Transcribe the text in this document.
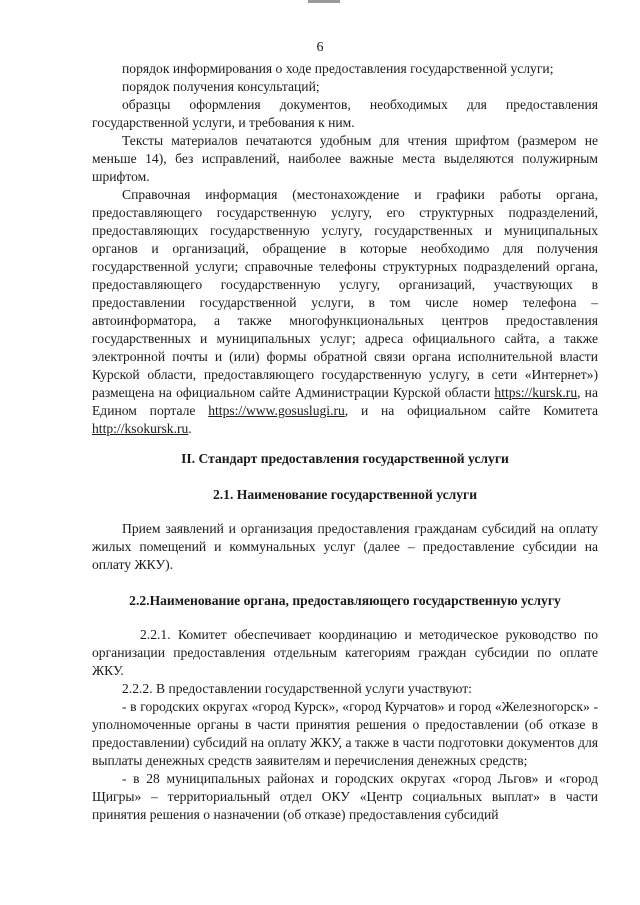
6

порядок информирования о ходе предоставления государственной услуги;

порядок получения консультаций;

образцы оформления документов, необходимых для предоставления государственной услуги, и требования к ним.

Тексты материалов печатаются удобным для чтения шрифтом (размером не меньше 14), без исправлений, наиболее важные места выделяются полужирным шрифтом.

Справочная информация (местонахождение и графики работы органа, предоставляющего государственную услугу, его структурных подразделений, предоставляющих государственную услугу, государственных и муниципальных органов и организаций, обращение в которые необходимо для получения государственной услуги; справочные телефоны структурных подразделений органа, предоставляющего государственную услугу, организаций, участвующих в предоставлении государственной услуги, в том числе номер телефона – автоинформатора, а также многофункциональных центров предоставления государственных и муниципальных услуг; адреса официального сайта, а также электронной почты и (или) формы обратной связи органа исполнительной власти Курской области, предоставляющего государственную услугу, в сети «Интернет») размещена на официальном сайте Администрации Курской области https://kursk.ru, на Едином портале https://www.gosuslugi.ru, и на официальном сайте Комитета http://ksokursk.ru.

II. Стандарт предоставления государственной услуги

2.1. Наименование государственной услуги

Прием заявлений и организация предоставления гражданам субсидий на оплату жилых помещений и коммунальных услуг (далее – предоставление субсидии на оплату ЖКУ).

2.2.Наименование органа, предоставляющего государственную услугу

2.2.1. Комитет обеспечивает координацию и методическое руководство по организации предоставления отдельным категориям граждан субсидии по оплате ЖКУ.

2.2.2. В предоставлении государственной услуги участвуют:

- в городских округах «город Курск», «город Курчатов» и город «Железногорск» - уполномоченные органы в части принятия решения о предоставлении (об отказе в предоставлении) субсидий на оплату ЖКУ, а также в части подготовки документов для выплаты денежных средств заявителям и перечисления денежных средств;

- в 28 муниципальных районах и городских округах «город Льгов» и «город Щигры» – территориальный отдел ОКУ «Центр социальных выплат» в части принятия решения о назначении (об отказе) предоставления субсидий
